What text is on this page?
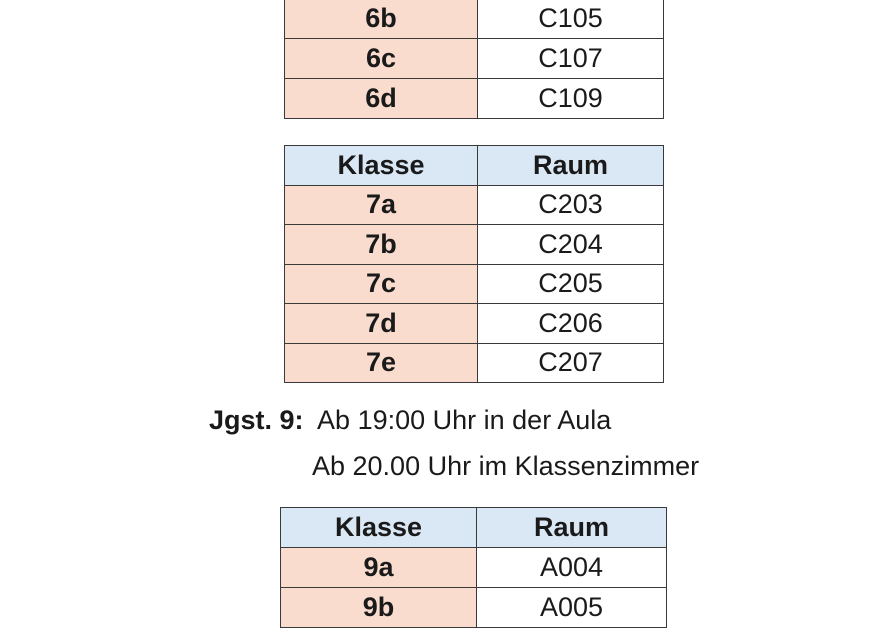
6b	C105
6c	C107
6d	C109
Klasse	Raum
7a	C203
7b	C204
7c	C205
7d	C206
7e	C207
Jgst. 9: Ab 19:00 Uhr in der Aula
Ab 20.00 Uhr im Klassenzimmer
Klasse	Raum
9a	A004
9b	A005
